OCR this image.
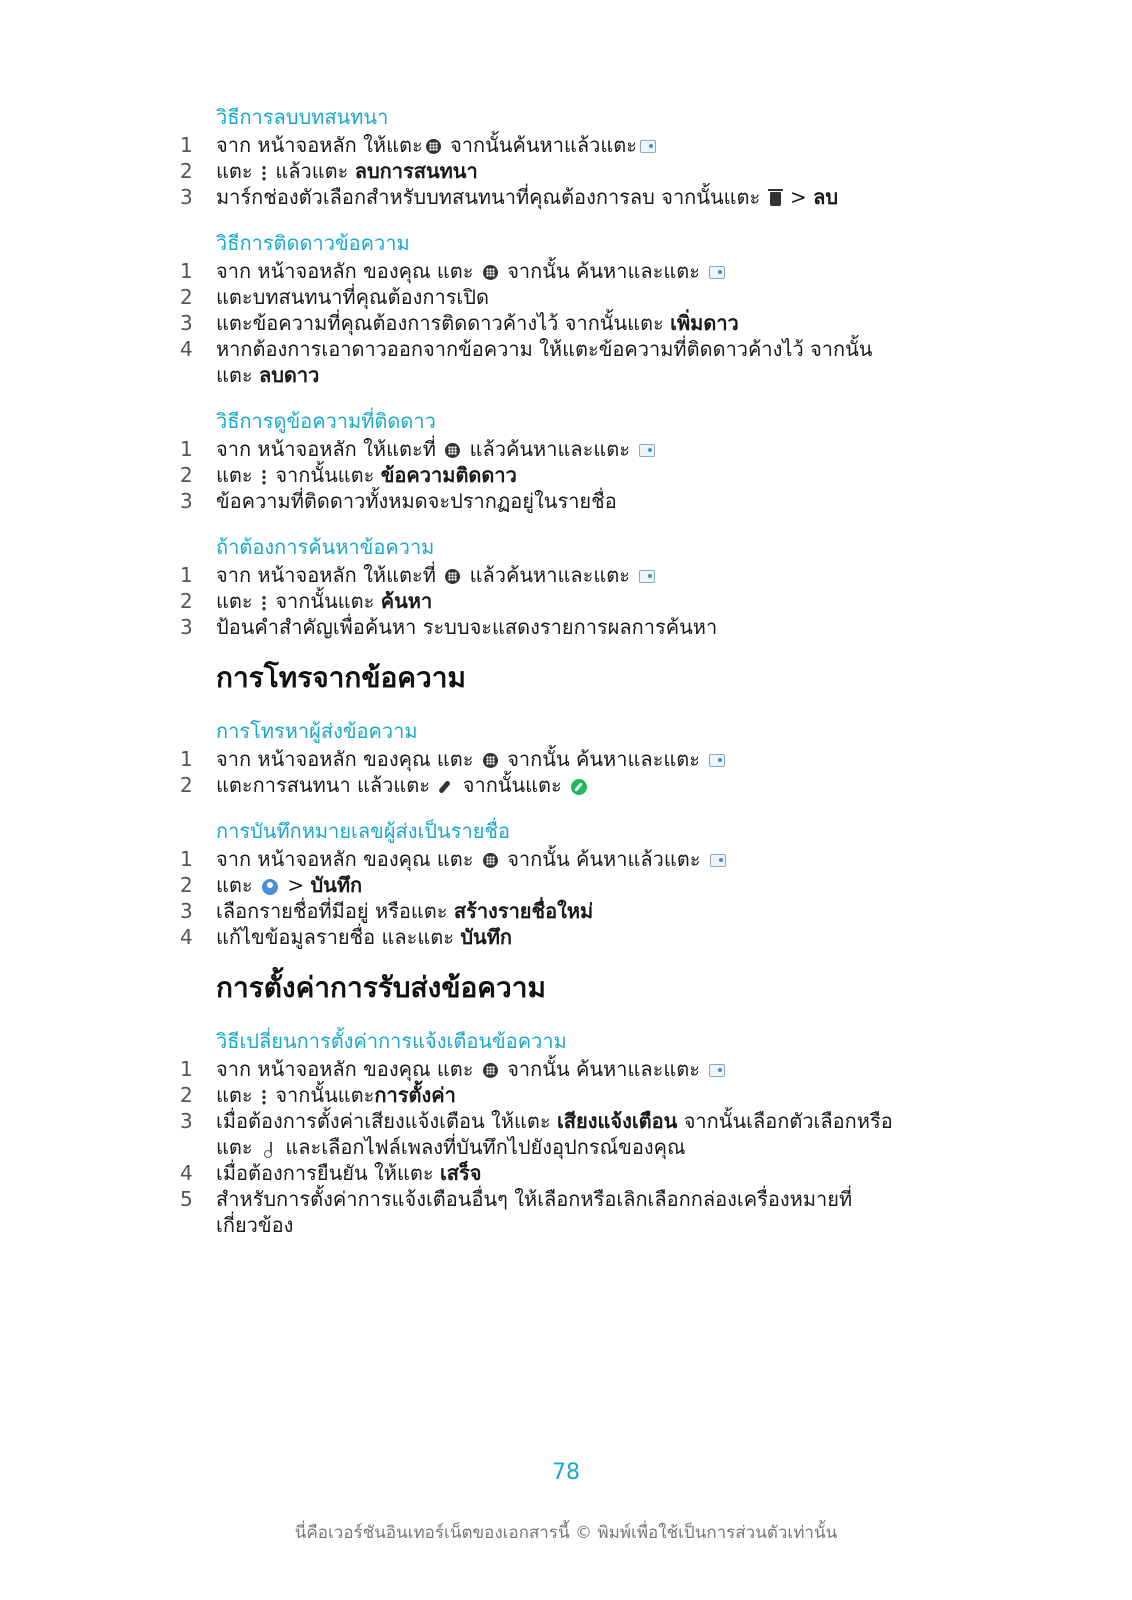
วิธีการลบบทสนทนา
1	จาก หน้าจอหลัก ให้แตะ จากนั้นค้นหาแล้วแตะ
2	แตะ  แล้วแตะ ลบการสนทนา
3	มาร์กช่องตัวเลือกสำหรับบทสนทนาที่คุณต้องการลบ จากนั้นแตะ  > ลบ
วิธีการติดดาวข้อความ
1	จาก หน้าจอหลัก ของคุณ แตะ  จากนั้น ค้นหาและแตะ
2	แตะบทสนทนาที่คุณต้องการเปิด
3	แตะข้อความที่คุณต้องการติดดาวค้างไว้ จากนั้นแตะ เพิ่มดาว
4	หากต้องการเอาดาวออกจากข้อความ ให้แตะข้อความที่ติดดาวค้างไว้ จากนั้นแตะ ลบดาว
วิธีการดูข้อความที่ติดดาว
1	จาก หน้าจอหลัก ให้แตะที่  แล้วค้นหาและแตะ
2	แตะ  จากนั้นแตะ ข้อความติดดาว
3	ข้อความที่ติดดาวทั้งหมดจะปรากฏอยู่ในรายชื่อ
ถ้าต้องการค้นหาข้อความ
1	จาก หน้าจอหลัก ให้แตะที่  แล้วค้นหาและแตะ
2	แตะ  จากนั้นแตะ ค้นหา
3	ป้อนคำสำคัญเพื่อค้นหา ระบบจะแสดงรายการผลการค้นหา
การโทรจากข้อความ
การโทรหาผู้ส่งข้อความ
1	จาก หน้าจอหลัก ของคุณ แตะ  จากนั้น ค้นหาและแตะ
2	แตะการสนทนา แล้วแตะ  จากนั้นแตะ
การบันทึกหมายเลขผู้ส่งเป็นรายชื่อ
1	จาก หน้าจอหลัก ของคุณ แตะ  จากนั้น ค้นหาแล้วแตะ
2	แตะ  > บันทึก
3	เลือกรายชื่อที่มีอยู่ หรือแตะ สร้างรายชื่อใหม่
4	แก้ไขข้อมูลรายชื่อ และแตะ บันทึก
การตั้งค่าการรับส่งข้อความ
วิธีเปลี่ยนการตั้งค่าการแจ้งเตือนข้อความ
1	จาก หน้าจอหลัก ของคุณ แตะ  จากนั้น ค้นหาและแตะ
2	แตะ  จากนั้นแตะการตั้งค่า
3	เมื่อต้องการตั้งค่าเสียงแจ้งเตือน ให้แตะ เสียงแจ้งเตือน จากนั้นเลือกตัวเลือกหรือแตะ  และเลือกไฟล์เพลงที่บันทึกไปยังอุปกรณ์ของคุณ
4	เมื่อต้องการยืนยัน ให้แตะ เสร็จ
5	สำหรับการตั้งค่าการแจ้งเตือนอื่นๆ ให้เลือกหรือเลิกเลือกกล่องเครื่องหมายที่เกี่ยวข้อง
78
นี่คือเวอร์ชันอินเทอร์เน็ตของเอกสารนี้ © พิมพ์เพื่อใช้เป็นการส่วนตัวเท่านั้น
